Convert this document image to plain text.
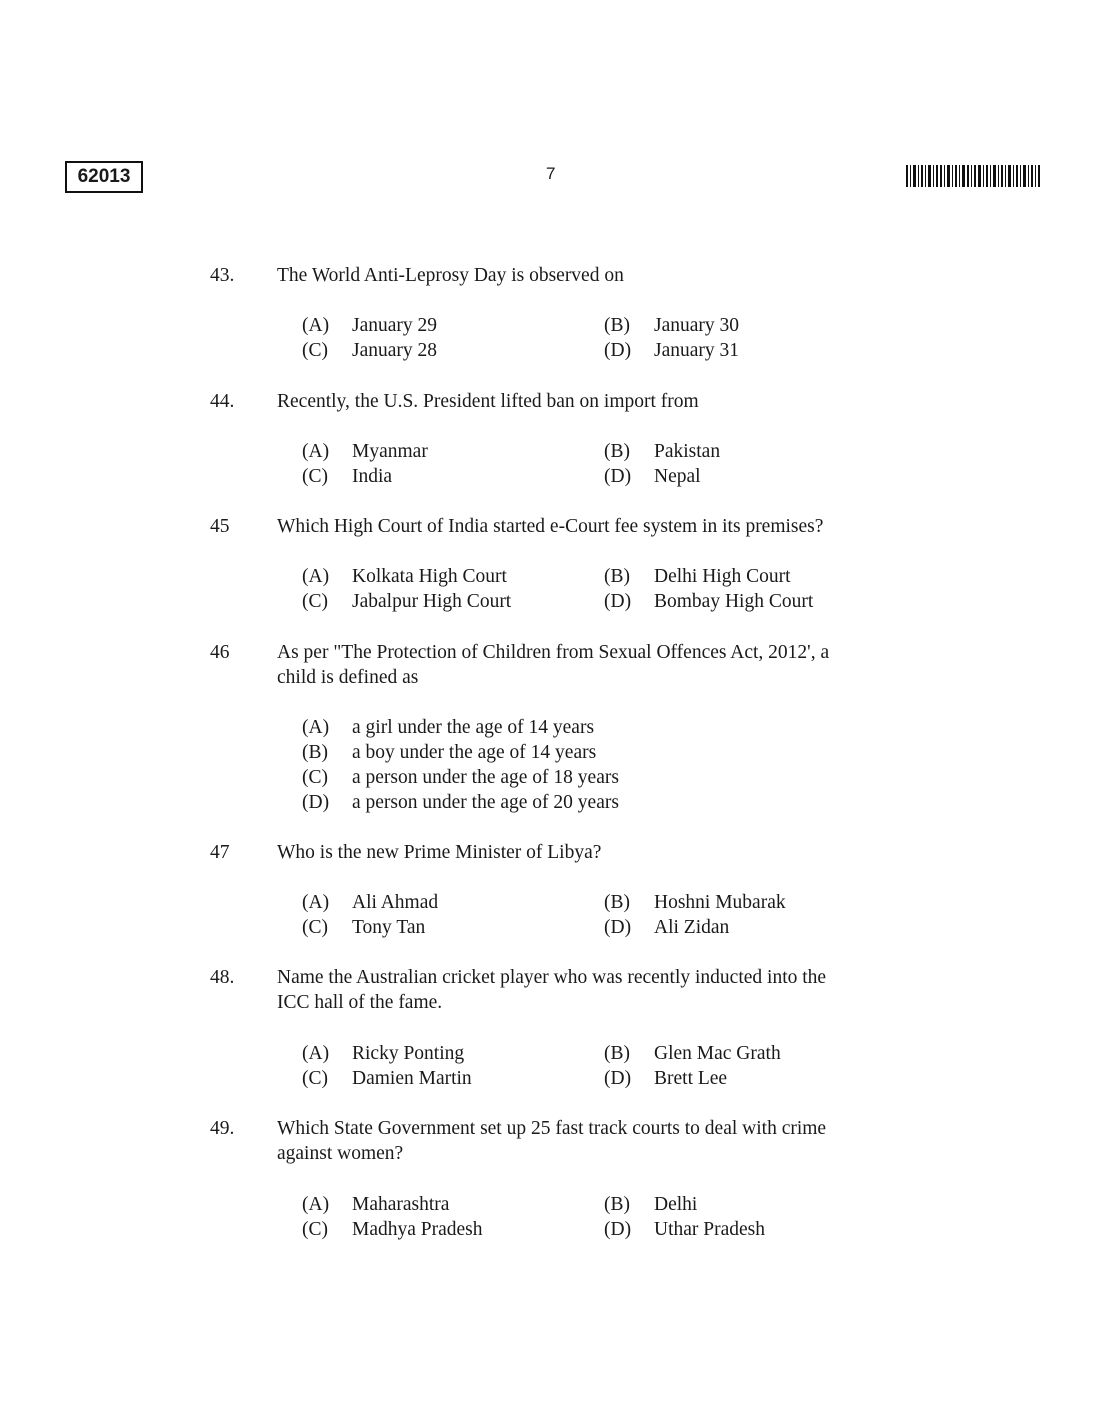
62013	7
43. The World Anti-Leprosy Day is observed on
(A) January 29	(B) January 30
(C) January 28	(D) January 31
44. Recently, the U.S. President lifted ban on import from
(A) Myanmar	(B) Pakistan
(C) India	(D) Nepal
45 Which High Court of India started e-Court fee system in its premises?
(A) Kolkata High Court	(B) Delhi High Court
(C) Jabalpur High Court	(D) Bombay High Court
46 As per "The Protection of Children from Sexual Offences Act, 2012', a
child is defined as
(A) a girl under the age of 14 years
(B) a boy under the age of 14 years
(C) a person under the age of 18 years
(D) a person under the age of 20 years
47 Who is the new Prime Minister of Libya?
(A) Ali Ahmad	(B) Hoshni Mubarak
(C) Tony Tan	(D) Ali Zidan
48. Name the Australian cricket player who was recently inducted into the
ICC hall of the fame.
(A) Ricky Ponting	(B) Glen Mac Grath
(C) Damien Martin	(D) Brett Lee
49. Which State Government set up 25 fast track courts to deal with crime
against women?
(A) Maharashtra	(B) Delhi
(C) Madhya Pradesh	(D) Uthar Pradesh
